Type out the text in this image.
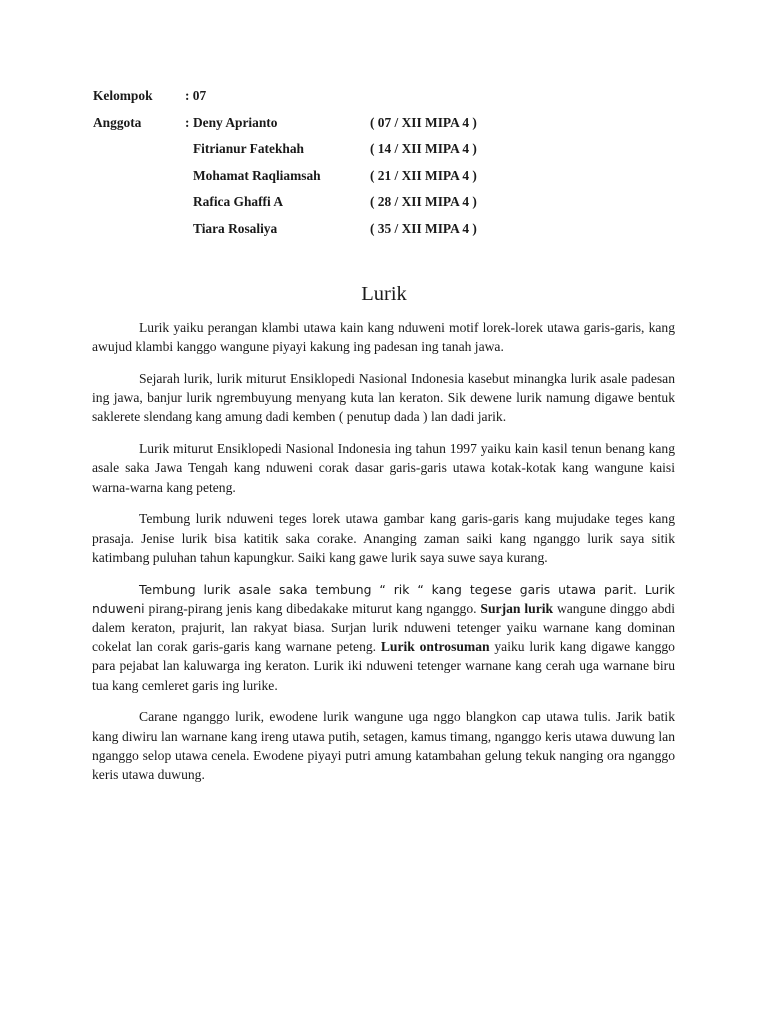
Kelompok : 07
Anggota	: Deny Aprianto	( 07 / XII MIPA 4 )
Fitrianur Fatekhah	( 14 / XII MIPA 4 )
Mohamat Raqliamsah	( 21 / XII MIPA 4 )
Rafica Ghaffi A	( 28 / XII MIPA 4 )
Tiara Rosaliya	( 35 / XII MIPA 4 )
Lurik

Lurik yaiku perangan klambi utawa kain kang nduweni motif lorek-lorek utawa garis-garis, kang awujud klambi kanggo wangune piyayi kakung ing padesan ing tanah jawa.

Sejarah lurik, lurik miturut Ensiklopedi Nasional Indonesia kasebut minangka lurik asale padesan ing jawa, banjur lurik ngrembuyung menyang kuta lan keraton. Sik dewene lurik namung digawe bentuk saklerete slendang kang amung dadi kemben ( penutup dada ) lan dadi jarik.

Lurik miturut Ensiklopedi Nasional Indonesia ing tahun 1997 yaiku kain kasil tenun benang kang asale saka Jawa Tengah kang nduweni corak dasar garis-garis utawa kotak-kotak kang wangune kaisi warna-warna kang peteng.

Tembung lurik nduweni teges lorek utawa gambar kang garis-garis kang mujudake teges kang prasaja. Jenise lurik bisa katitik saka corake. Ananging zaman saiki kang nganggo lurik saya sitik katimbang puluhan tahun kapungkur. Saiki kang gawe lurik saya suwe saya kurang.

Tembung lurik asale saka tembung “ rik “ kang tegese garis utawa parit. Lurik nduweni pirang-pirang jenis kang dibedakake miturut kang nganggo. Surjan lurik wangune dinggo abdi dalem keraton, prajurit, lan rakyat biasa. Surjan lurik nduweni tetenger yaiku warnane kang dominan cokelat lan corak garis-garis kang warnane peteng. Lurik ontrosuman yaiku lurik kang digawe kanggo para pejabat lan kaluwarga ing keraton. Lurik iki nduweni tetenger warnane kang cerah uga warnane biru tua kang cemleret garis ing lurike.

Carane nganggo lurik, ewodene lurik wangune uga nggo blangkon cap utawa tulis. Jarik batik kang diwiru lan warnane kang ireng utawa putih, setagen, kamus timang, nganggo keris utawa duwung lan nganggo selop utawa cenela. Ewodene piyayi putri amung katambahan gelung tekuk nanging ora nganggo keris utawa duwung.
